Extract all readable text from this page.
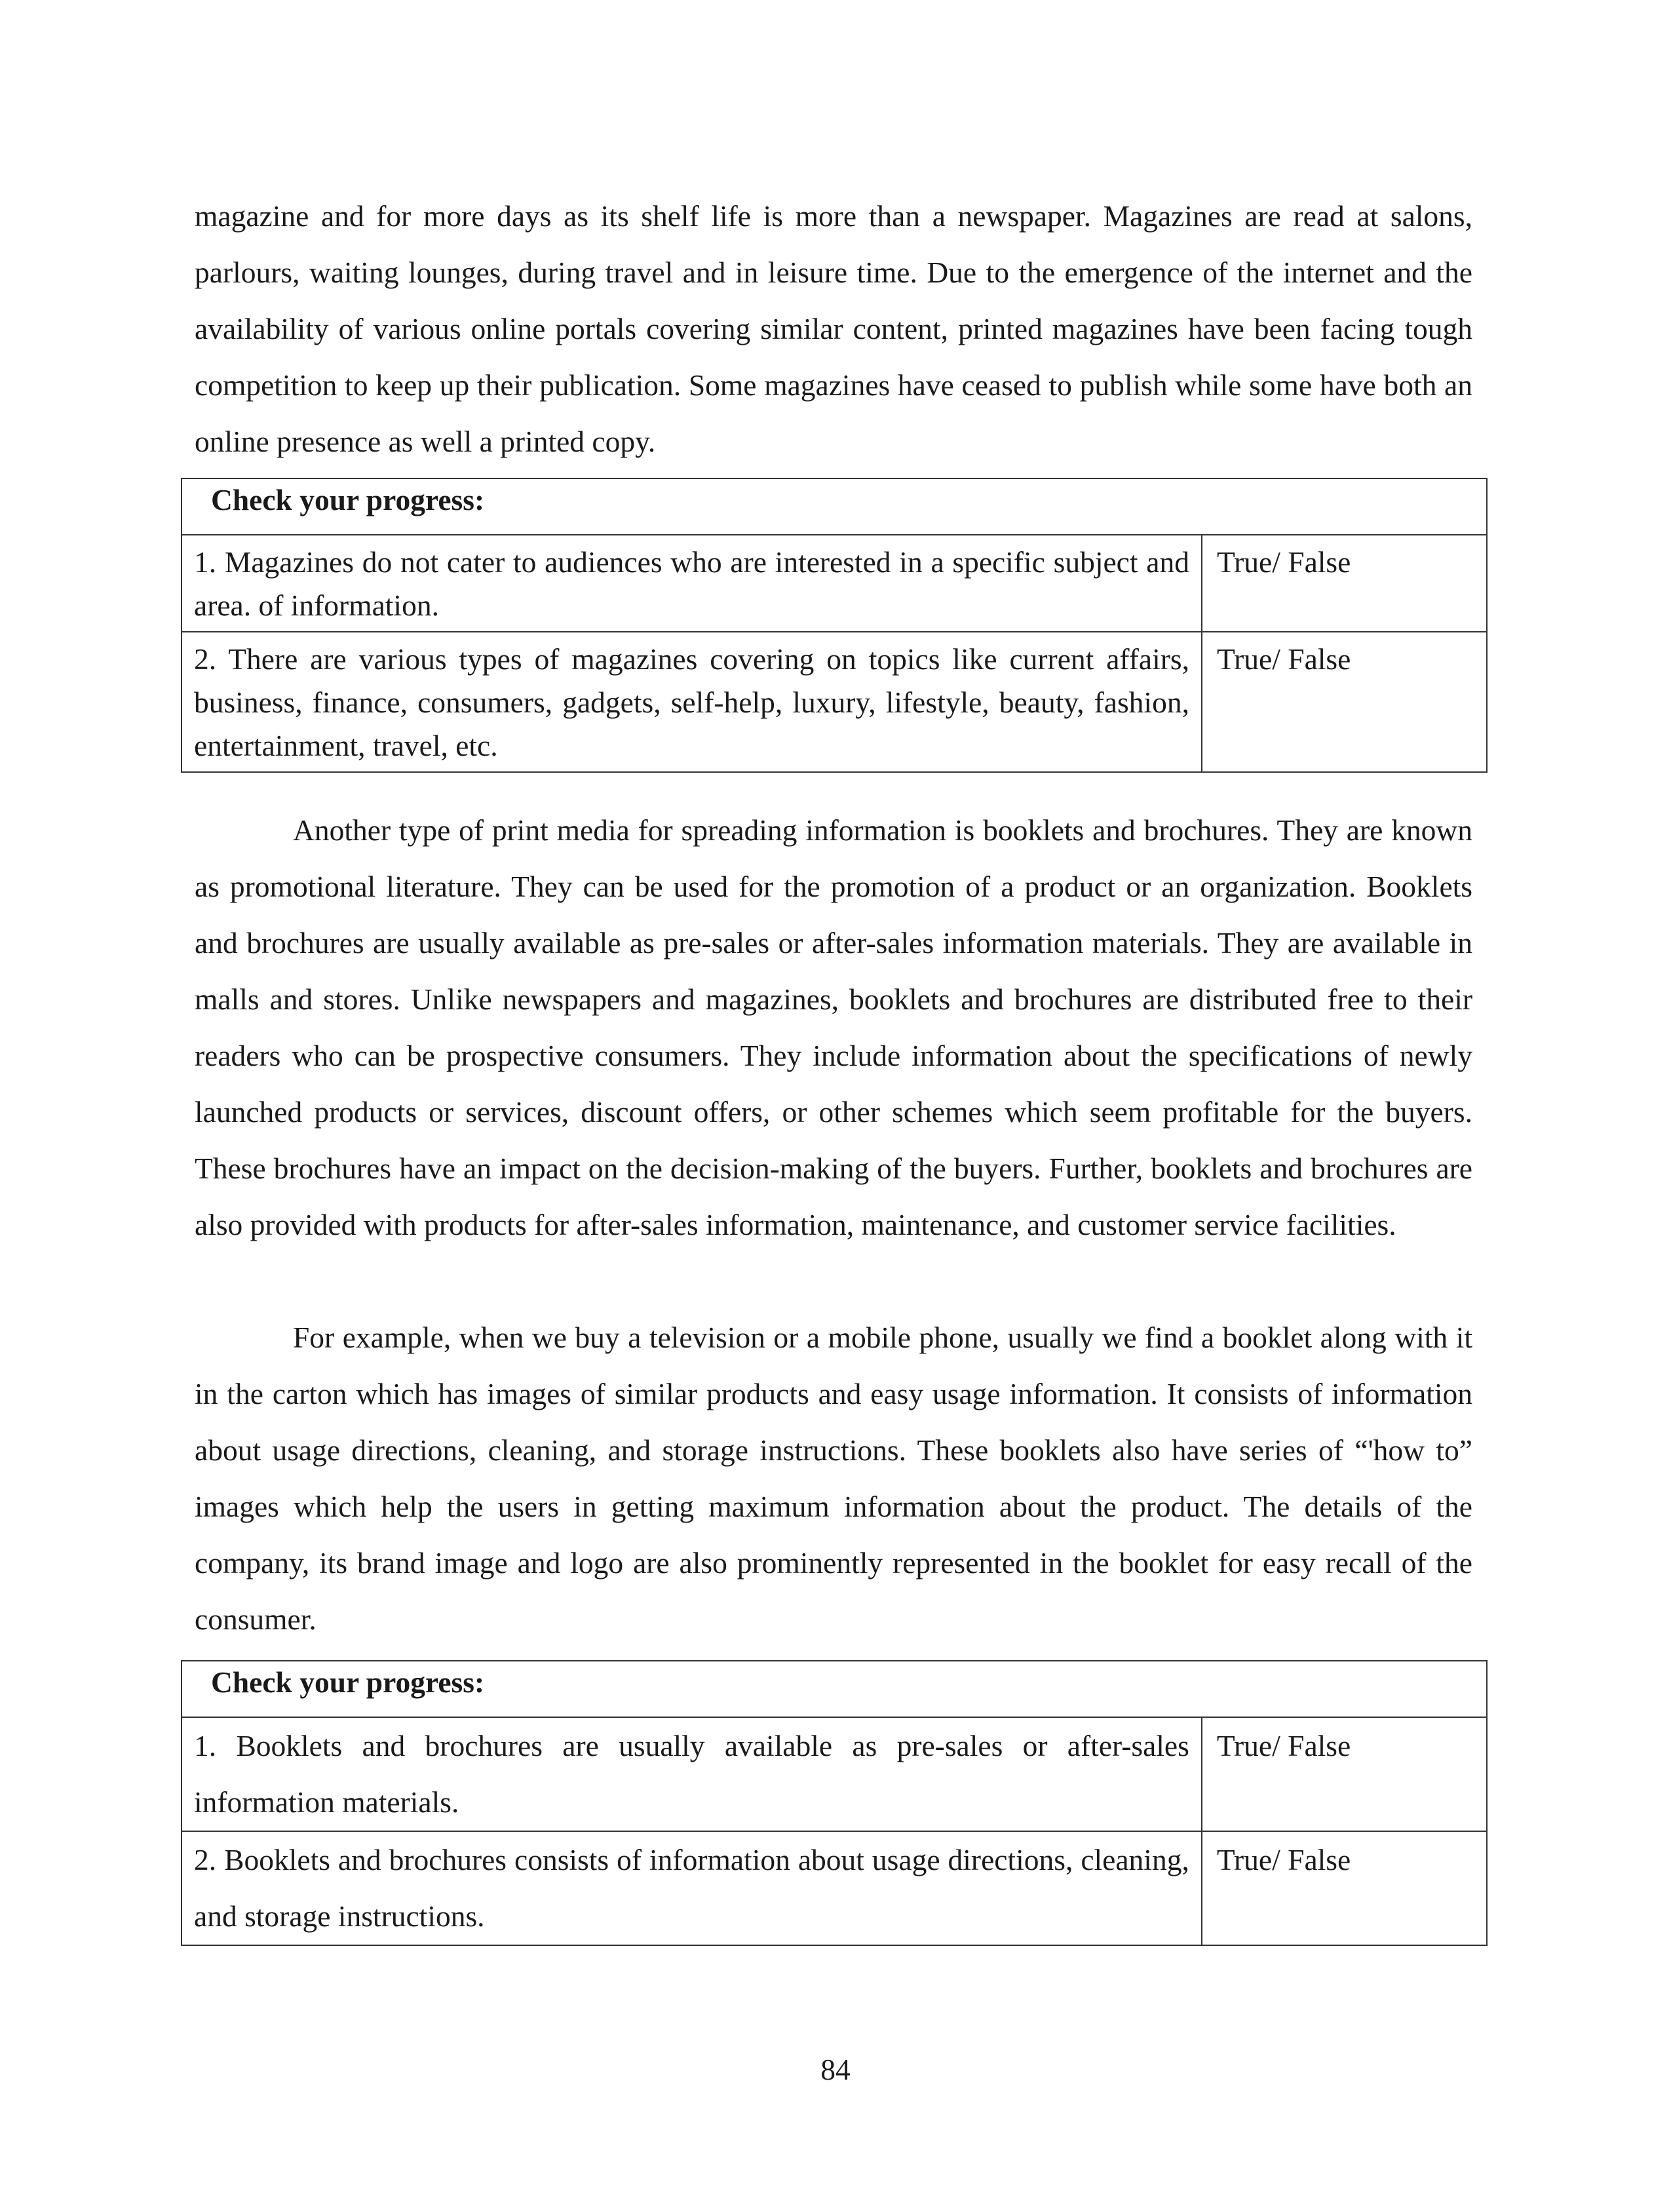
magazine and for more days as its shelf life is more than a newspaper. Magazines are read at salons, parlours, waiting lounges, during travel and in leisure time. Due to the emergence of the internet and the availability of various online portals covering similar content, printed magazines have been facing tough competition to keep up their publication. Some magazines have ceased to publish while some have both an online presence as well a printed copy.

Check your progress:	
1. Magazines do not cater to audiences who are interested in a specific subject and area. of information.	True/ False
2. There are various types of magazines covering on topics like current affairs, business, finance, consumers, gadgets, self-help, luxury, lifestyle, beauty, fashion, entertainment, travel, etc.	True/ False

Another type of print media for spreading information is booklets and brochures. They are known as promotional literature. They can be used for the promotion of a product or an organization. Booklets and brochures are usually available as pre-sales or after-sales information materials. They are available in malls and stores. Unlike newspapers and magazines, booklets and brochures are distributed free to their readers who can be prospective consumers. They include information about the specifications of newly launched products or services, discount offers, or other schemes which seem profitable for the buyers. These brochures have an impact on the decision-making of the buyers. Further, booklets and brochures are also provided with products for after-sales information, maintenance, and customer service facilities.

For example, when we buy a television or a mobile phone, usually we find a booklet along with it in the carton which has images of similar products and easy usage information. It consists of information about usage directions, cleaning, and storage instructions. These booklets also have series of “'how to” images which help the users in getting maximum information about the product. The details of the company, its brand image and logo are also prominently represented in the booklet for easy recall of the consumer.

Check your progress:	
1. Booklets and brochures are usually available as pre-sales or after-sales information materials.	True/ False
2. Booklets and brochures consists of information about usage directions, cleaning, and storage instructions.	True/ False
84
